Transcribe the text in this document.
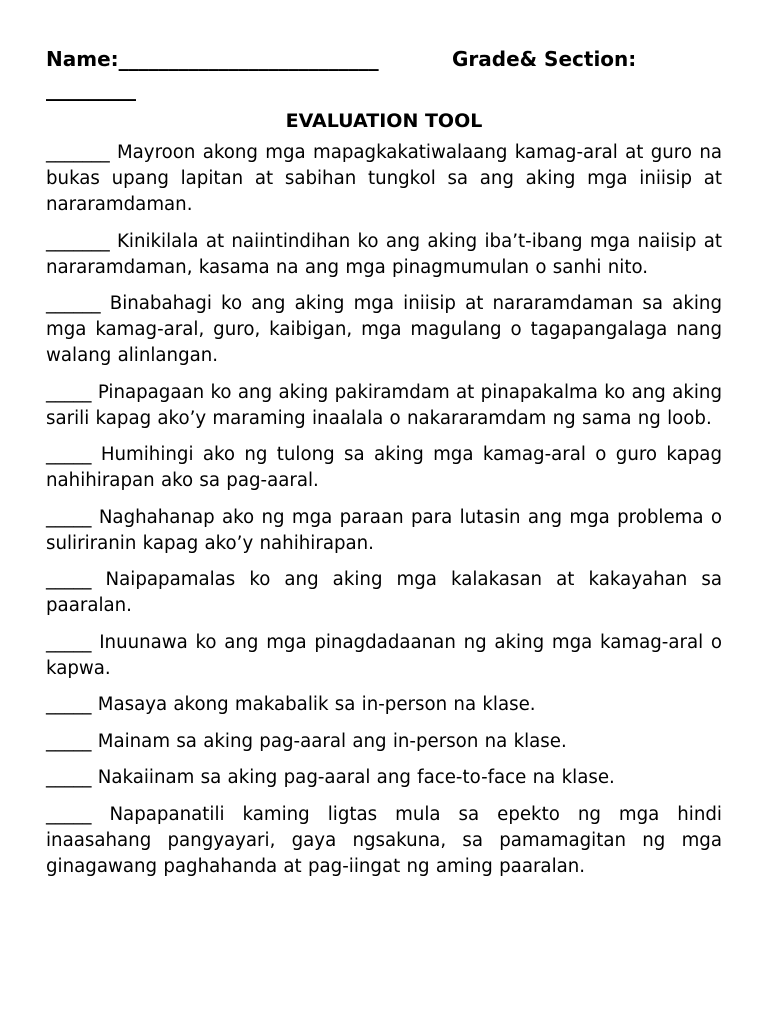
Name:__________________________	Grade& Section:
_________
EVALUATION TOOL

_______ Mayroon akong mga mapagkakatiwalaang kamag-aral at guro na bukas upang lapitan at sabihan tungkol sa ang aking mga iniisip at nararamdaman.

_______ Kinikilala at naiintindihan ko ang aking iba’t-ibang mga naiisip at nararamdaman, kasama na ang mga pinagmumulan o sanhi nito.

______ Binabahagi ko ang aking mga iniisip at nararamdaman sa aking mga kamag-aral, guro, kaibigan, mga magulang o tagapangalaga nang walang alinlangan.

_____ Pinapagaan ko ang aking pakiramdam at pinapakalma ko ang aking sarili kapag ako’y maraming inaalala o nakararamdam ng sama ng loob.

_____ Humihingi ako ng tulong sa aking mga kamag-aral o guro kapag nahihirapan ako sa pag-aaral.

_____ Naghahanap ako ng mga paraan para lutasin ang mga problema o suliriranin kapag ako’y nahihirapan.

_____ Naipapamalas ko ang aking mga kalakasan at kakayahan sa paaralan.

_____ Inuunawa ko ang mga pinagdadaanan ng aking mga kamag-aral o kapwa.

_____ Masaya akong makabalik sa in-person na klase.

_____ Mainam sa aking pag-aaral ang in-person na klase.

_____ Nakaiinam sa aking pag-aaral ang face-to-face na klase.

_____ Napapanatili kaming ligtas mula sa epekto ng mga hindi inaasahang pangyayari, gaya ngsakuna, sa pamamagitan ng mga ginagawang paghahanda at pag-iingat ng aming paaralan.
